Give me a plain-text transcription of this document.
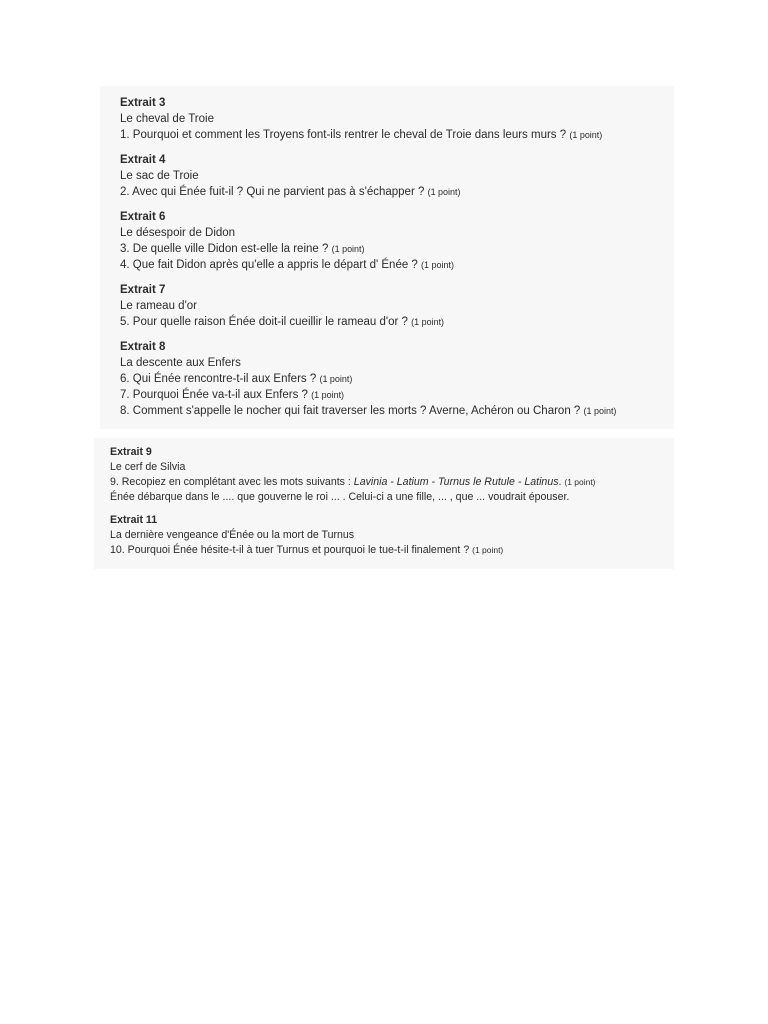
Extrait 3
Le cheval de Troie
1. Pourquoi et comment les Troyens font-ils rentrer le cheval de Troie dans leurs murs ? (1 point)
Extrait 4
Le sac de Troie
2. Avec qui Énée fuit-il ? Qui ne parvient pas à s'échapper ? (1 point)
Extrait 6
Le désespoir de Didon
3. De quelle ville Didon est-elle la reine ? (1 point)
4. Que fait Didon après qu'elle a appris le départ d' Énée ? (1 point)
Extrait 7
Le rameau d'or
5. Pour quelle raison Énée doit-il cueillir le rameau d'or ? (1 point)
Extrait 8
La descente aux Enfers
6. Qui Énée rencontre-t-il aux Enfers ? (1 point)
7. Pourquoi Énée va-t-il aux Enfers ? (1 point)
8. Comment s'appelle le nocher qui fait traverser les morts ? Averne, Achéron ou Charon ? (1 point)
Extrait 9
Le cerf de Silvia
9. Recopiez en complétant avec les mots suivants : Lavinia - Latium - Turnus le Rutule - Latinus. (1 point)
Énée débarque dans le .... que gouverne le roi ... . Celui-ci a une fille, ... , que ... voudrait épouser.
Extrait 11
La dernière vengeance d'Énée ou la mort de Turnus
10. Pourquoi Énée hésite-t-il à tuer Turnus et pourquoi le tue-t-il finalement ? (1 point)
